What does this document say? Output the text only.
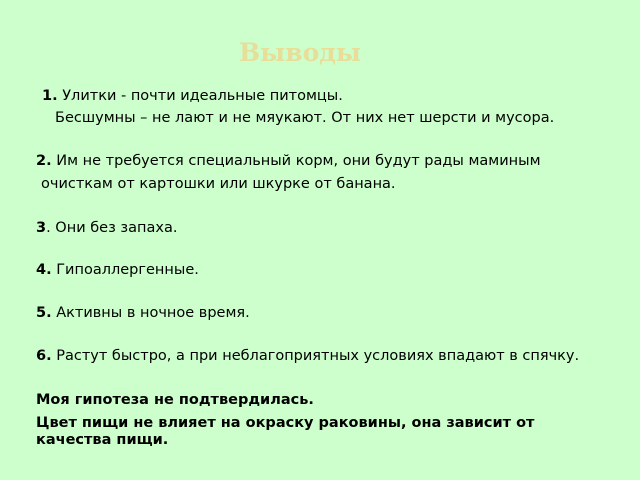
Выводы
1. Улитки - почти идеальные питомцы.
Бесшумны – не лают и не мяукают. От них нет шерсти и мусора.
2. Им не требуется специальный корм, они будут рады маминым
очисткам от картошки или шкурке от банана.
3. Они без запаха.
4. Гипоаллергенные.
5. Активны в ночное время.
6. Растут быстро, а при неблагоприятных условиях впадают в спячку.
Моя гипотеза не подтвердилась.
Цвет пищи не влияет на окраску раковины, она зависит от
качества пищи.
